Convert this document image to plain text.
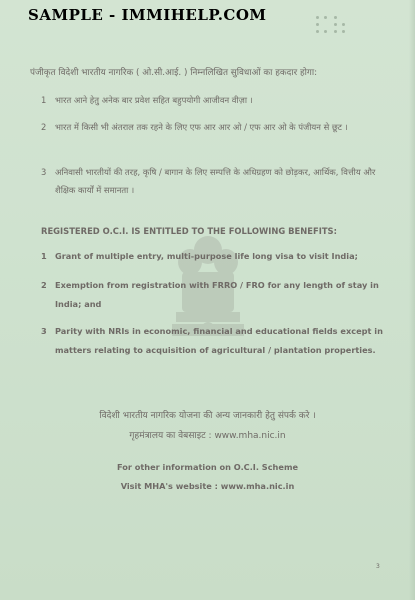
SAMPLE - IMMIHELP.COM
पंजीकृत विदेशी भारतीय नागरिक ( ओ.सी.आई. ) निम्नलिखित सुविधाओं का हकदार होगा:
1 भारत आने हेतु अनेक बार प्रवेश सहित बहुपयोगी आजीवन वीज़ा ।
2 भारत में किसी भी अंतराल तक रहने के लिए एफ आर आर ओ / एफ आर ओ के पंजीयन से छूट ।
3 अनिवासी भारतीयों की तरह, कृषि / बागान के लिए सम्पत्ति के अधिग्रहण को छोड़कर, आर्थिक, वित्तीय और शैक्षिक कार्यों में समानता ।
REGISTERED O.C.I. IS ENTITLED TO THE FOLLOWING BENEFITS:
1 Grant of multiple entry, multi-purpose life long visa to visit India;
2 Exemption from registration with FRRO / FRO for any length of stay in India; and
3 Parity with NRIs in economic, financial and educational fields except in matters relating to acquisition of agricultural / plantation properties.
विदेशी भारतीय नागरिक योजना की अन्य जानकारी हेतु संपर्क करे ।
गृहमंत्रालय का वेबसाइट : www.mha.nic.in
For other information on O.C.I. Scheme
Visit MHA's website : www.mha.nic.in
3
